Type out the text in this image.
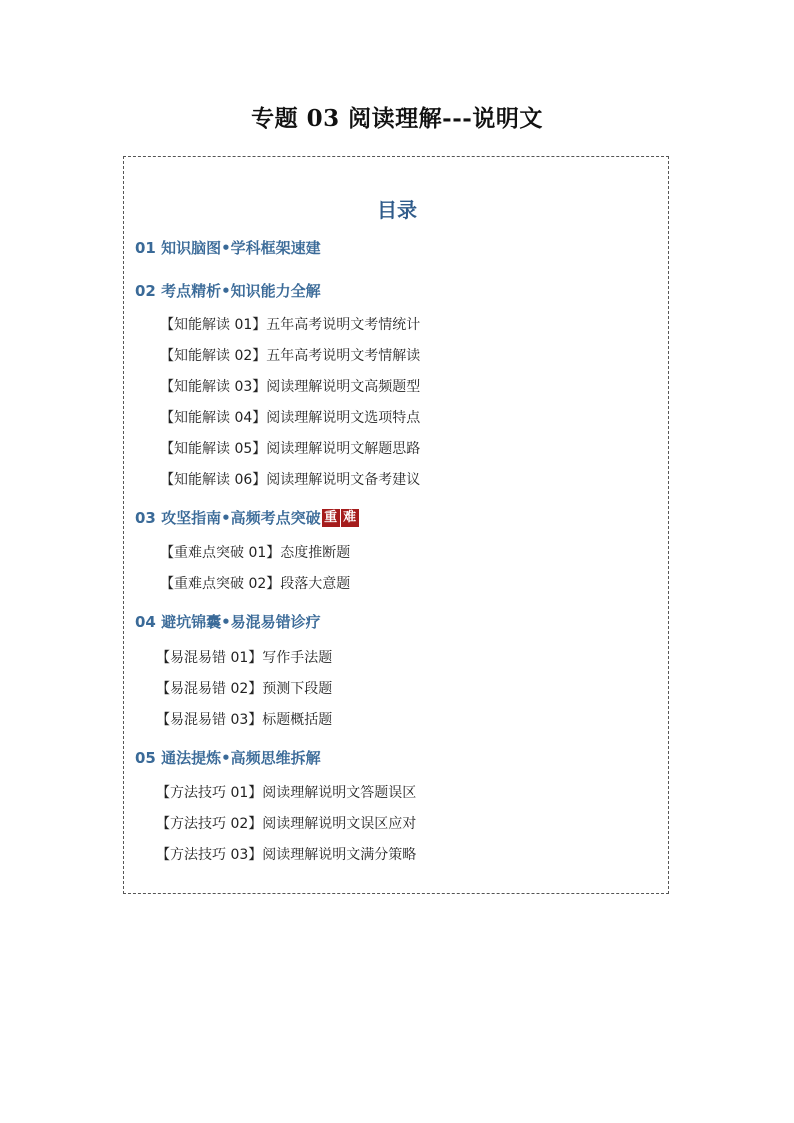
专题 03 阅读理解---说明文
目录
01 知识脑图•学科框架速建
02 考点精析•知识能力全解
【知能解读 01】五年高考说明文考情统计
【知能解读 02】五年高考说明文考情解读
【知能解读 03】阅读理解说明文高频题型
【知能解读 04】阅读理解说明文选项特点
【知能解读 05】阅读理解说明文解题思路
【知能解读 06】阅读理解说明文备考建议
03 攻坚指南•高频考点突破 重 难
【重难点突破 01】态度推断题
【重难点突破 02】段落大意题
04 避坑锦囊•易混易错诊疗
【易混易错 01】写作手法题
【易混易错 02】预测下段题
【易混易错 03】标题概括题
05 通法提炼•高频思维拆解
【方法技巧 01】阅读理解说明文答题误区
【方法技巧 02】阅读理解说明文误区应对
【方法技巧 03】阅读理解说明文满分策略
